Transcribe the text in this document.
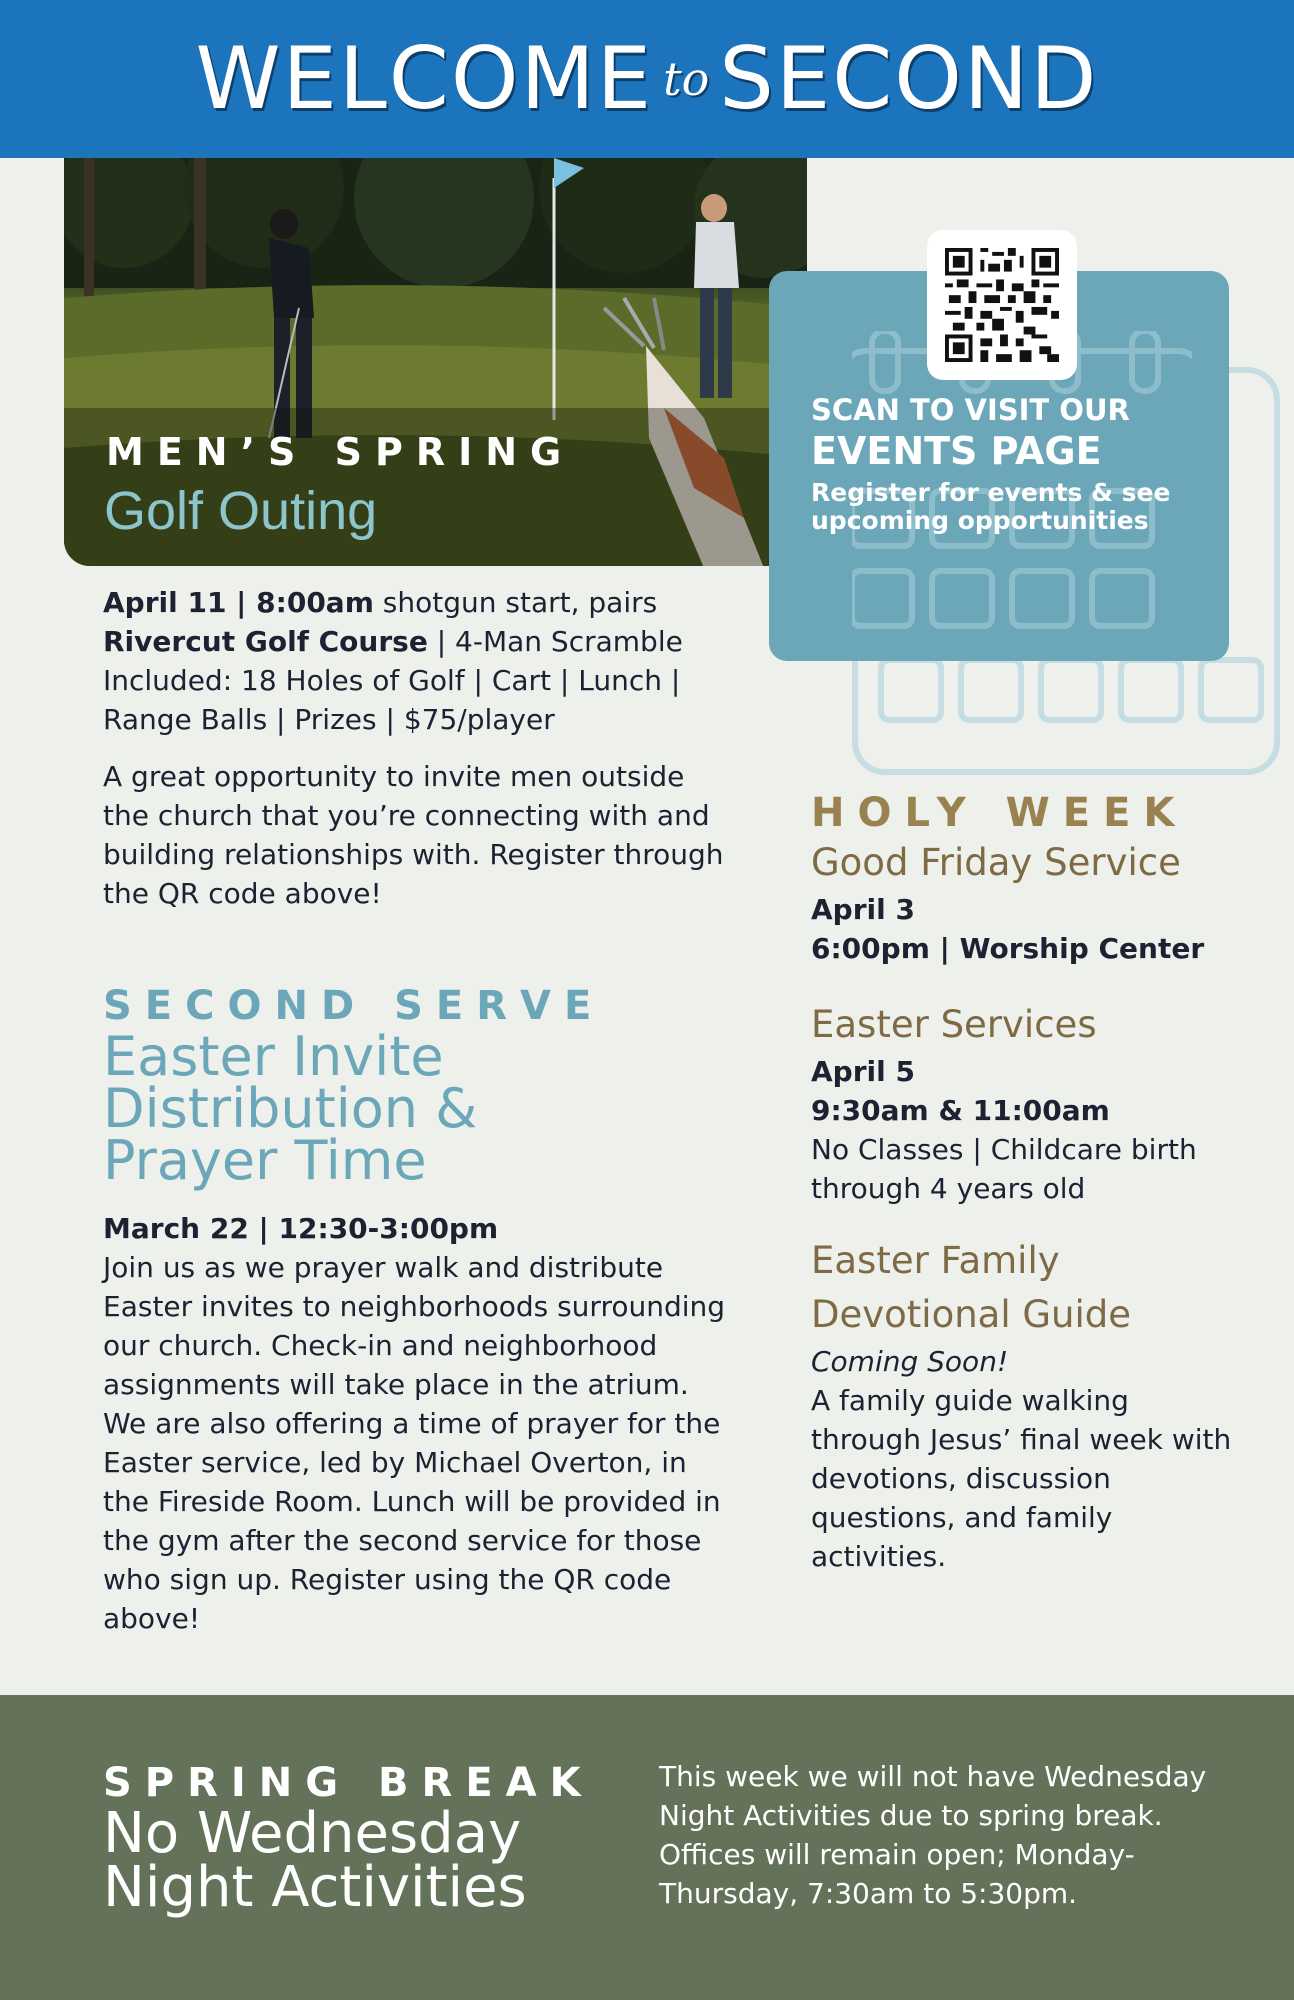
WELCOME to SECOND
MEN’S SPRING
Golf Outing
SCAN TO VISIT OUR
EVENTS PAGE
Register for events & see upcoming opportunities

April 11 | 8:00am shotgun start, pairs

Rivercut Golf Course | 4-Man Scramble

Included: 18 Holes of Golf | Cart | Lunch | Range Balls | Prizes | $75/player

A great opportunity to invite men outside the church that you’re connecting with and building relationships with. Register through the QR code above!

SECOND SERVE
Easter Invite
Distribution &
Prayer Time

March 22 | 12:30-3:00pm

Join us as we prayer walk and distribute Easter invites to neighborhoods surrounding our church. Check-in and neighborhood assignments will take place in the atrium. We are also offering a time of prayer for the Easter service, led by Michael Overton, in the Fireside Room. Lunch will be provided in the gym after the second service for those who sign up. Register using the QR code above!

HOLY WEEK
Good Friday Service

April 3

6:00pm | Worship Center

Easter Services

April 5

9:30am & 11:00am

No Classes | Childcare birth through 4 years old

Easter Family
Devotional Guide

Coming Soon!

A family guide walking through Jesus’ final week with devotions, discussion questions, and family activities.

SPRING BREAK
No Wednesday
Night Activities
This week we will not have Wednesday Night Activities due to spring break. Offices will remain open; Monday-Thursday, 7:30am to 5:30pm.
